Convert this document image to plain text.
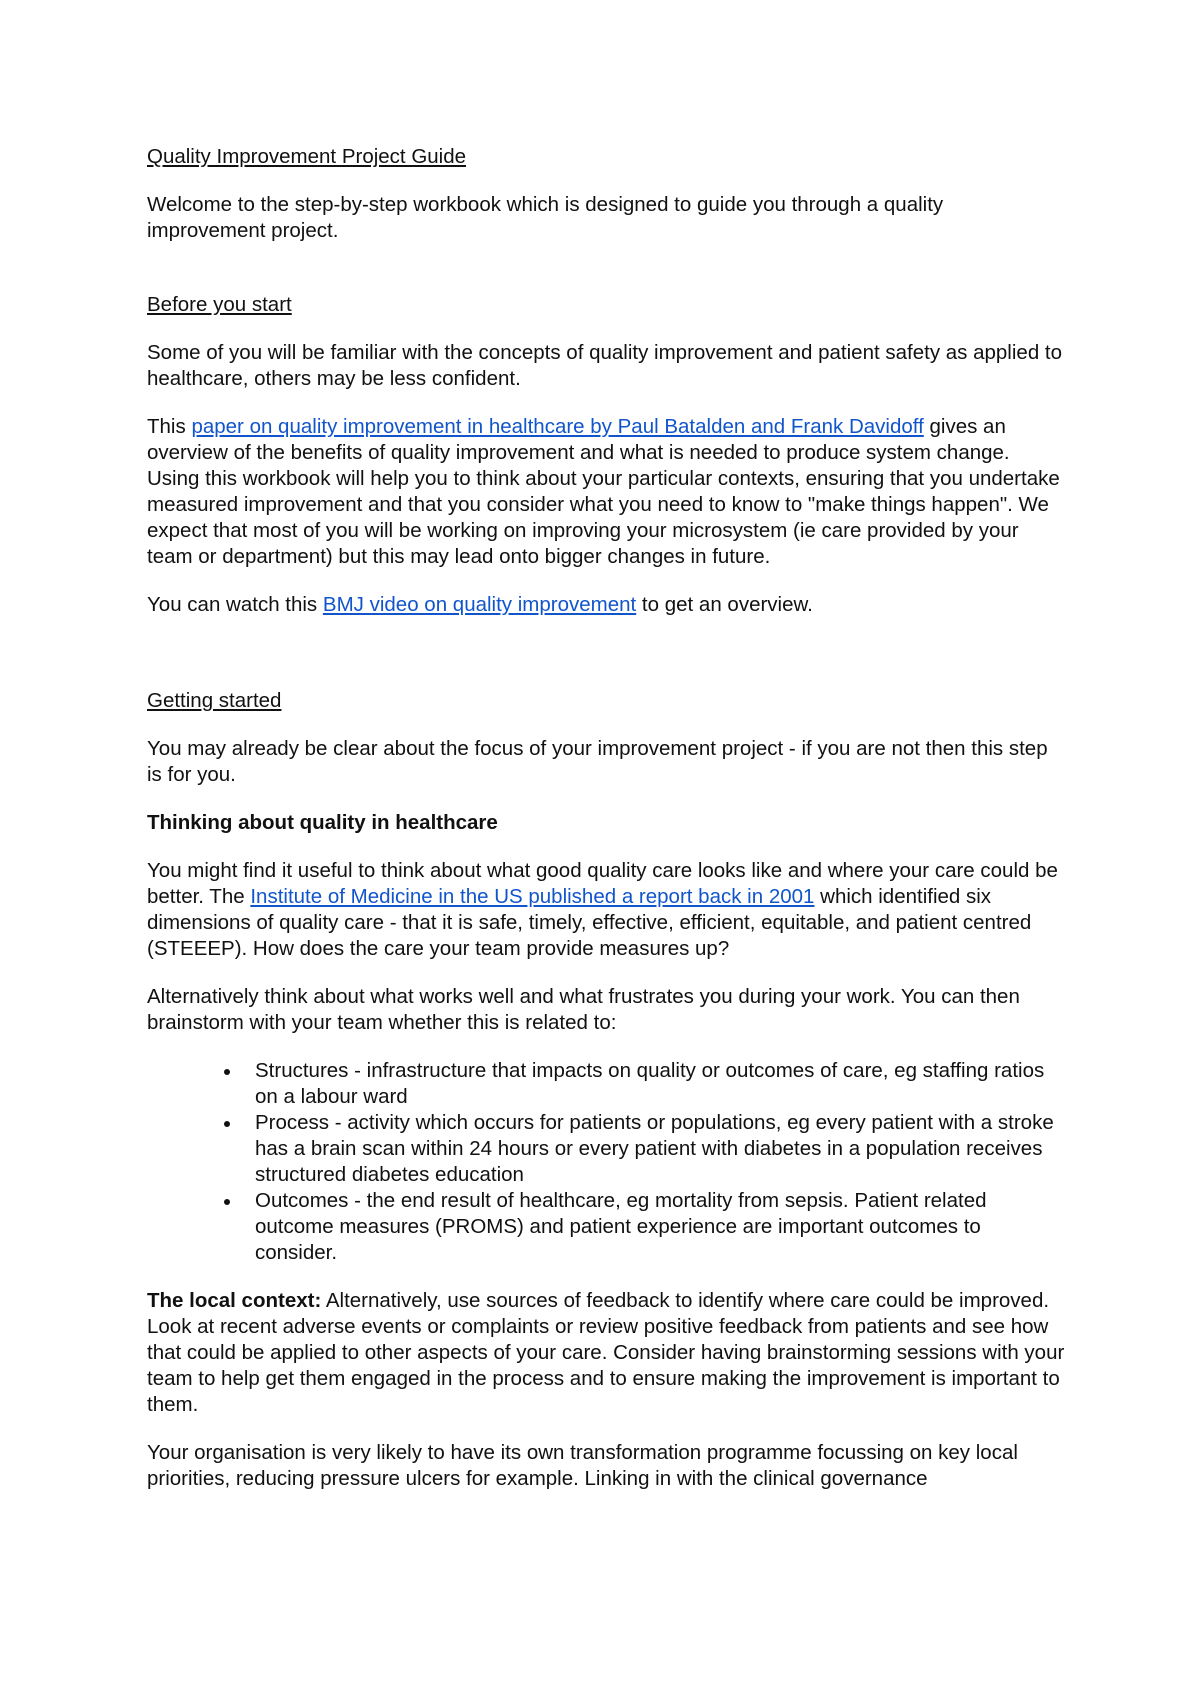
Quality Improvement Project Guide

Welcome to the step-by-step workbook which is designed to guide you through a quality improvement project.

Before you start

Some of you will be familiar with the concepts of quality improvement and patient safety as applied to healthcare, others may be less confident.

This paper on quality improvement in healthcare by Paul Batalden and Frank Davidoff gives an overview of the benefits of quality improvement and what is needed to produce system change. Using this workbook will help you to think about your particular contexts, ensuring that you undertake measured improvement and that you consider what you need to know to "make things happen". We expect that most of you will be working on improving your microsystem (ie care provided by your team or department) but this may lead onto bigger changes in future.

You can watch this BMJ video on quality improvement to get an overview.

Getting started

You may already be clear about the focus of your improvement project - if you are not then this step is for you.

Thinking about quality in healthcare

You might find it useful to think about what good quality care looks like and where your care could be better. The Institute of Medicine in the US published a report back in 2001 which identified six dimensions of quality care - that it is safe, timely, effective, efficient, equitable, and patient centred (STEEEP). How does the care your team provide measures up?

Alternatively think about what works well and what frustrates you during your work. You can then brainstorm with your team whether this is related to:

Structures - infrastructure that impacts on quality or outcomes of care, eg staffing ratios on a labour ward
Process - activity which occurs for patients or populations, eg every patient with a stroke has a brain scan within 24 hours or every patient with diabetes in a population receives structured diabetes education
Outcomes - the end result of healthcare, eg mortality from sepsis. Patient related outcome measures (PROMS) and patient experience are important outcomes to consider.

The local context: Alternatively, use sources of feedback to identify where care could be improved. Look at recent adverse events or complaints or review positive feedback from patients and see how that could be applied to other aspects of your care. Consider having brainstorming sessions with your team to help get them engaged in the process and to ensure making the improvement is important to them.

Your organisation is very likely to have its own transformation programme focussing on key local priorities, reducing pressure ulcers for example. Linking in with the clinical governance
